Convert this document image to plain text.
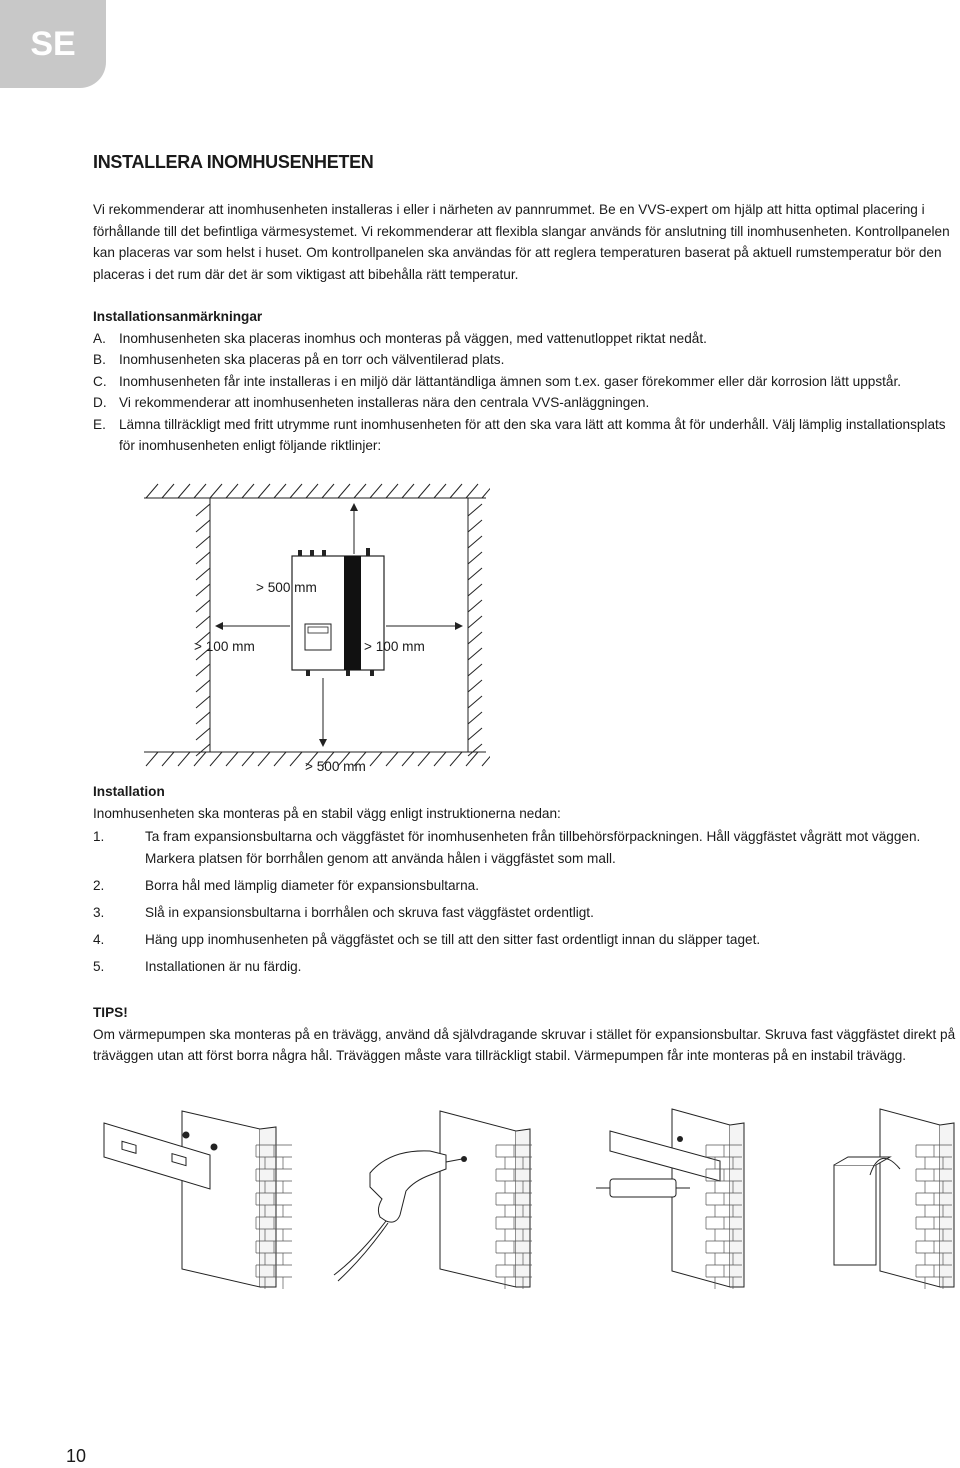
SE
INSTALLERA INOMHUSENHETEN

Vi rekommenderar att inomhusenheten installeras i eller i närheten av pannrummet. Be en VVS-expert om hjälp att hitta optimal placering i förhållande till det befintliga värmesystemet. Vi rekommenderar att flexibla slangar används för anslutning till inomhusenheten. Kontrollpanelen kan placeras var som helst i huset. Om kontrollpanelen ska användas för att reglera temperaturen baserat på aktuell rumstemperatur bör den placeras i det rum där det är som viktigast att bibehålla rätt temperatur.

Installationsanmärkningar
A. Inomhusenheten ska placeras inomhus och monteras på väggen, med vattenutloppet riktat nedåt.
B. Inomhusenheten ska placeras på en torr och välventilerad plats.
C. Inomhusenheten får inte installeras i en miljö där lättantändliga ämnen som t.ex. gaser förekommer eller där korrosion lätt uppstår.
D. Vi rekommenderar att inomhusenheten installeras nära den centrala VVS-anläggningen.
E. Lämna tillräckligt med fritt utrymme runt inomhusenheten för att den ska vara lätt att komma åt för underhåll. Välj lämplig installationsplats för inomhusenheten enligt följande riktlinjer:
> 500 mm
> 100 mm	> 100 mm
> 500 mm
Installation
Inomhusenheten ska monteras på en stabil vägg enligt instruktionerna nedan:
1.	Ta fram expansionsbultarna och väggfästet för inomhusenheten från tillbehörsförpackningen. Håll väggfästet vågrätt mot väggen. Markera platsen för borrhålen genom att använda hålen i väggfästet som mall.
2.	Borra hål med lämplig diameter för expansionsbultarna.
3.	Slå in expansionsbultarna i borrhålen och skruva fast väggfästet ordentligt.
4.	Häng upp inomhusenheten på väggfästet och se till att den sitter fast ordentligt innan du släpper taget.
5.	Installationen är nu färdig.
TIPS!

Om värmepumpen ska monteras på en trävägg, använd då självdragande skruvar i stället för expansionsbultar. Skruva fast väggfästet direkt på träväggen utan att först borra några hål. Träväggen måste vara tillräckligt stabil. Värmepumpen får inte monteras på en instabil trävägg.

10
